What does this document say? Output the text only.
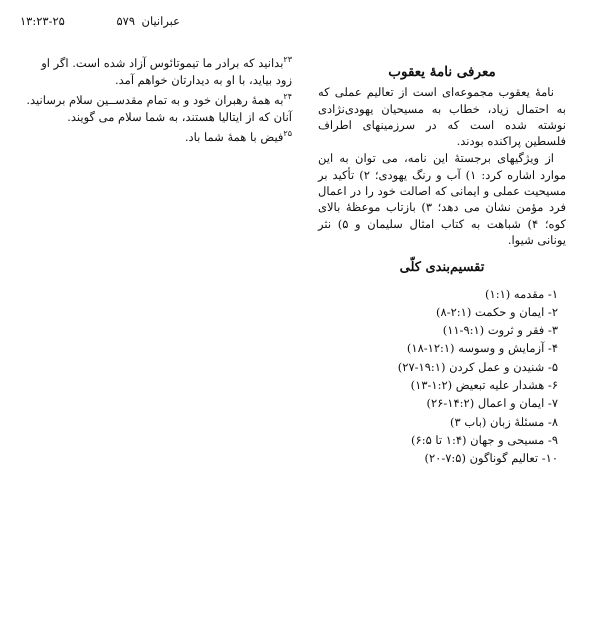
عبرانیان
۵۷۹
۱۳:۲۳-۲۵

$^{۲۳}$بدانید که برادر ما تیموتائوس آزاد شده است. اگر او زود بیاید، با او به دیدارتان خواهم آمد.

$^{۲۴}$به همهٔ رهبران خود و به تمام مقدســین سلام برسانید. آنان که از ایتالیا هستند، به شما سلام می گویند.

$^{۲۵}$فیض با همهٔ شما باد.

معرفی نامهٔ یعقوب

نامهٔ یعقوب مجموعه‌ای است از تعالیم عملی که به احتمال زیاد، خطاب به مسیحیان یهودی‌نژادی نوشته شده است که در سرزمینهای اطراف فلسطین پراکنده بودند.

از ویژگیهای برجستهٔ این نامه، می توان به این موارد اشاره کرد: ۱) آب و رنگ یهودی؛ ۲) تأکید بر مسیحیت عملی و ایمانی که اصالت خود را در اعمال فرد مؤمن نشان می دهد؛ ۳) بازتاب موعظهٔ بالای کوه؛ ۴) شباهت به کتاب امثال سلیمان و ۵) نثر یونانی شیوا.

تقسیم‌بندی کلّی
۱- مقدمه (۱:۱)
۲- ایمان و حکمت (۲:۱-۸)
۳- فقر و ثروت (۹:۱-۱۱)
۴- آزمایش و وسوسه (۱۲:۱-۱۸)
۵- شنیدن و عمل کردن (۱۹:۱-۲۷)
۶- هشدار علیه تبعیض (۱:۲-۱۳)
۷- ایمان و اعمال (۱۴:۲-۲۶)
۸- مسئلهٔ زبان (باب ۳)
۹- مسیحی و جهان (۱:۴ تا ۶:۵)
۱۰- تعالیم گوناگون (۷:۵-۲۰)
